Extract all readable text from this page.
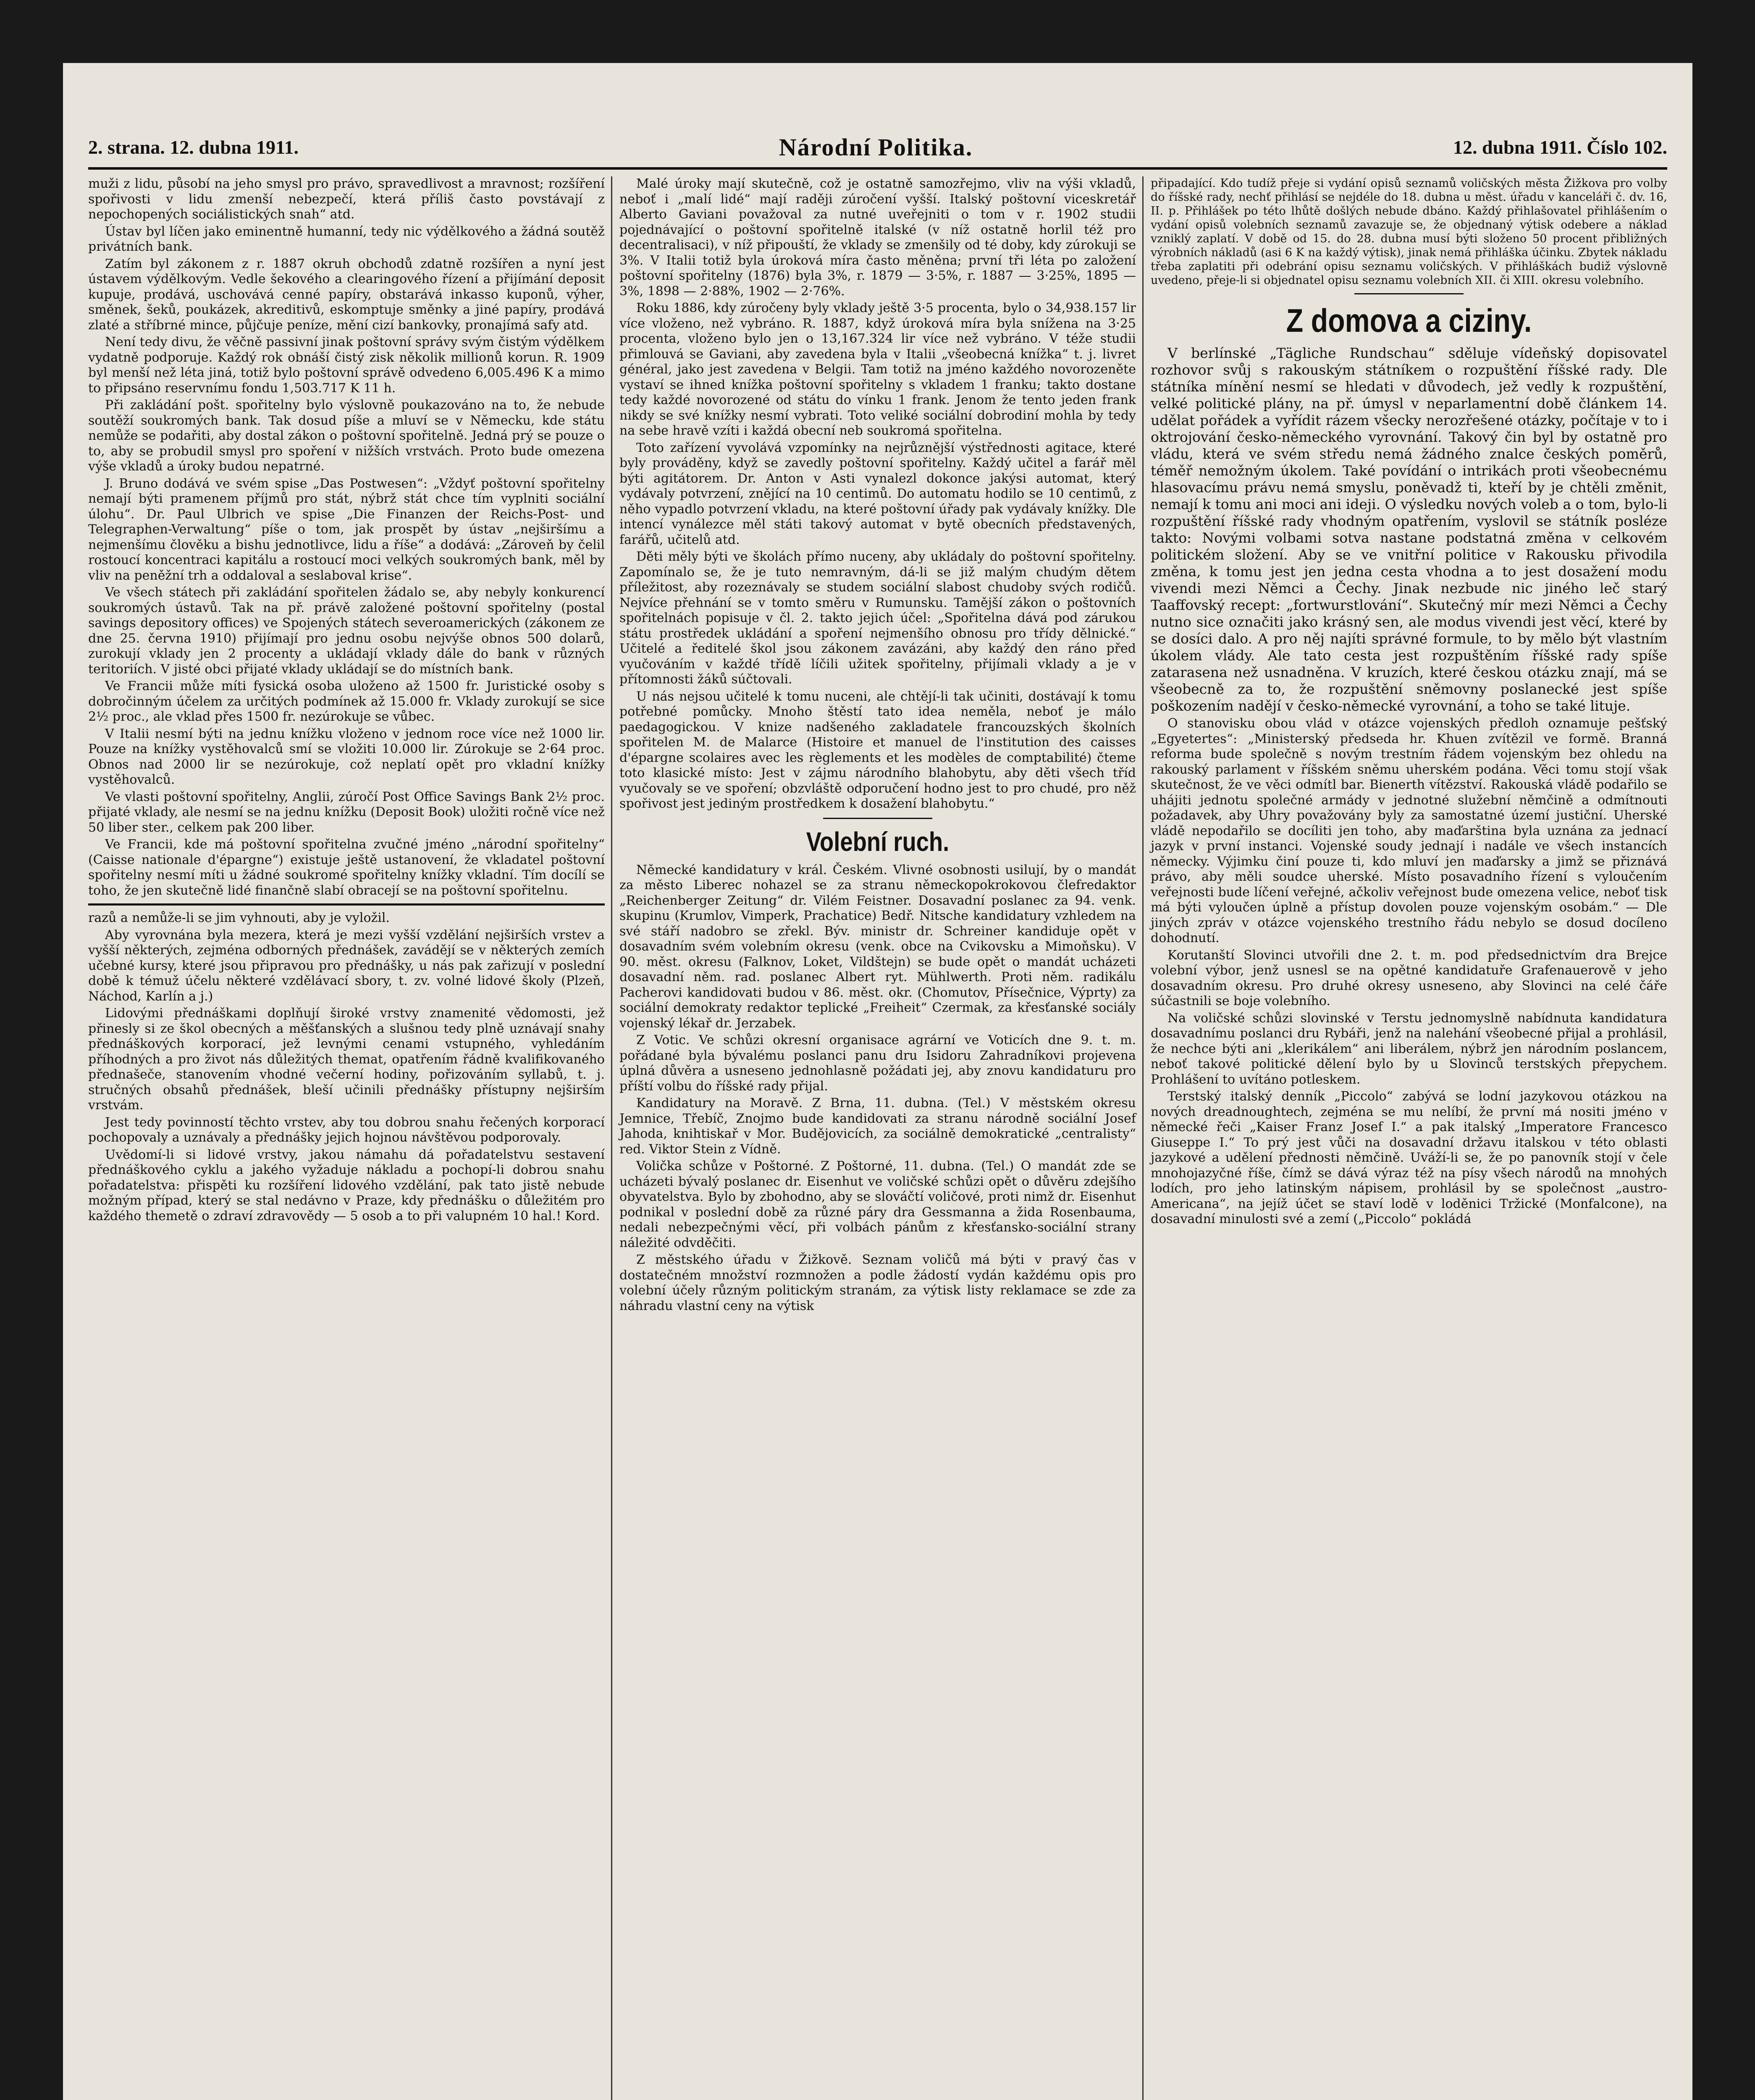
2. strana. 12. dubna 1911.	Národní Politika.	12. dubna 1911. Číslo 102.

muži z lidu, působí na jeho smysl pro právo, spravedlivost a mravnost; rozšíření spořivosti v lidu zmenší nebezpečí, která příliš často povstávají z nepochopených sociálistických snah“ atd.

Ústav byl líčen jako eminentně humanní, tedy nic výdělkového a žádná soutěž privátních bank.

Zatím byl zákonem z r. 1887 okruh obchodů zdatně rozšířen a nyní jest ústavem výdělkovým. Vedle šekového a clearingového řízení a přijímání deposit kupuje, prodává, uschovává cenné papíry, obstarává inkasso kuponů, výher, směnek, šeků, poukázek, akreditivů, eskomptuje směnky a jiné papíry, prodává zlaté a stříbrné mince, půjčuje peníze, mění cizí bankovky, pronajímá safy atd.

Není tedy divu, že věčně passivní jinak poštovní správy svým čistým výdělkem vydatně podporuje. Každý rok obnáší čistý zisk několik millionů korun. R. 1909 byl menší než léta jiná, totiž bylo poštovní správě odvedeno 6,005.496 K a mimo to připsáno reservnímu fondu 1,503.717 K 11 h.

Při zakládání pošt. spořitelny bylo výslovně poukazováno na to, že nebude soutěží soukromých bank. Tak dosud píše a mluví se v Německu, kde státu nemůže se podařiti, aby dostal zákon o poštovní spořitelně. Jedná prý se pouze o to, aby se probudil smysl pro spoření v nižších vrstvách. Proto bude omezena výše vkladů a úroky budou nepatrné.

J. Bruno dodává ve svém spise „Das Postwesen“: „Vždyť poštovní spořitelny nemají býti pramenem příjmů pro stát, nýbrž stát chce tím vyplniti sociální úlohu“. Dr. Paul Ulbrich ve spise „Die Finanzen der Reichs-Post- und Telegraphen-Verwaltung“ píše o tom, jak prospět by ústav „nejširšímu a nejmenšímu člověku a bishu jednotlivce, lidu a říše“ a dodává: „Zároveň by čelil rostoucí koncentraci kapitálu a rostoucí moci velkých soukromých bank, měl by vliv na peněžní trh a oddaloval a seslaboval krise“.

Ve všech státech při zakládání spořitelen žádalo se, aby nebyly konkurencí soukromých ústavů. Tak na př. právě založené poštovní spořitelny (postal savings depository offices) ve Spojených státech severoamerických (zákonem ze dne 25. června 1910) přijímají pro jednu osobu nejvýše obnos 500 dolarů, zurokují vklady jen 2 procenty a ukládají vklady dále do bank v různých teritoriích. V jisté obci přijaté vklady ukládají se do místních bank.

Ve Francii může míti fysická osoba uloženo až 1500 fr. Juristické osoby s dobročinným účelem za určitých podmínek až 15.000 fr. Vklady zurokují se sice 2½ proc., ale vklad přes 1500 fr. nezúrokuje se vůbec.

V Italii nesmí býti na jednu knížku vloženo v jednom roce více než 1000 lir. Pouze na knížky vystěhovalců smí se vložiti 10.000 lir. Zúrokuje se 2·64 proc. Obnos nad 2000 lir se nezúrokuje, což neplatí opět pro vkladní knížky vystěhovalců.

Ve vlasti poštovní spořitelny, Anglii, zúročí Post Office Savings Bank 2½ proc. přijaté vklady, ale nesmí se na jednu knížku (Deposit Book) uložiti ročně více než 50 liber ster., celkem pak 200 liber.

Ve Francii, kde má poštovní spořitelna zvučné jméno „národní spořitelny“ (Caisse nationale d'épargne“) existuje ještě ustanovení, že vkladatel poštovní spořitelny nesmí míti u žádné soukromé spořitelny knížky vkladní. Tím docílí se toho, že jen skutečně lidé finančně slabí obracejí se na poštovní spořitelnu.

razů a nemůže-li se jim vyhnouti, aby je vyložil.

Aby vyrovnána byla mezera, která je mezi vyšší vzdělání nejširších vrstev a vyšší některých, zejména odborných přednášek, zavádějí se v některých zemích učebné kursy, které jsou připravou pro přednášky, u nás pak zařizují v poslední době k témuž účelu některé vzdělávací sbory, t. zv. volné lidové školy (Plzeň, Náchod, Karlín a j.)

Lidovými přednáškami doplňují široké vrstvy znamenité vědomosti, jež přinesly si ze škol obecných a měšťanských a slušnou tedy plně uznávají snahy přednáškových korporací, jež levnými cenami vstupného, vyhledáním příhodných a pro život nás důležitých themat, opatřením řádně kvalifikovaného přednašeče, stanovením vhodné večerní hodiny, pořizováním syllabů, t. j. stručných obsahů přednášek, bleší učinili přednášky přístupny nejširším vrstvám.

Jest tedy povinností těchto vrstev, aby tou dobrou snahu řečených korporací pochopovaly a uznávaly a přednášky jejich hojnou návštěvou podporovaly.

Uvědomí-li si lidové vrstvy, jakou námahu dá pořadatelstvu sestavení přednáškového cyklu a jakého vyžaduje nákladu a pochopí-li dobrou snahu pořadatelstva: přispěti ku rozšíření lidového vzdělání, pak tato jistě nebude možným případ, který se stal nedávno v Praze, kdy přednášku o důležitém pro každého themetě o zdraví zdravovědy — 5 osob a to při valupném 10 hal.! Kord.

Malé úroky mají skutečně, což je ostatně samozřejmo, vliv na výši vkladů, neboť i „malí lidé“ mají raději zúročení vyšší. Italský poštovní viceskretář Alberto Gaviani považoval za nutné uveřejniti o tom v r. 1902 studii pojednávající o poštovní spořitelně italské (v níž ostatně horlil též pro decentralisaci), v níž připouští, že vklady se zmenšily od té doby, kdy zúrokuji se 3%. V Italii totiž byla úroková míra často měněna; první tři léta po založení poštovní spořitelny (1876) byla 3%, r. 1879 — 3·5%, r. 1887 — 3·25%, 1895 — 3%, 1898 — 2·88%, 1902 — 2·76%.

Roku 1886, kdy zúročeny byly vklady ještě 3·5 procenta, bylo o 34,938.157 lir více vloženo, než vybráno. R. 1887, když úroková míra byla snížena na 3·25 procenta, vloženo bylo jen o 13,167.324 lir více než vybráno. V téže studii přimlouvá se Gaviani, aby zavedena byla v Italii „všeobecná knížka“ t. j. livret général, jako jest zavedena v Belgii. Tam totiž na jméno každého novorozeněte vystaví se ihned knížka poštovní spořitelny s vkladem 1 franku; takto dostane tedy každé novorozené od státu do vínku 1 frank. Jenom že tento jeden frank nikdy se své knížky nesmí vybrati. Toto veliké sociální dobrodiní mohla by tedy na sebe hravě vzíti i každá obecní neb soukromá spořitelna.

Toto zařízení vyvolává vzpomínky na nejrůznější výstřednosti agitace, které byly prováděny, když se zavedly poštovní spořitelny. Každý učitel a farář měl býti agitátorem. Dr. Anton v Asti vynalezl dokonce jakýsi automat, který vydávaly potvrzení, znějící na 10 centimů. Do automatu hodilo se 10 centimů, z něho vypadlo potvrzení vkladu, na které poštovní úřady pak vydávaly knížky. Dle intencí vynálezce měl státi takový automat v bytě obecních představených, farářů, učitelů atd.

Děti měly býti ve školách přímo nuceny, aby ukládaly do poštovní spořitelny. Zapomínalo se, že je tuto nemravným, dá-li se již malým chudým dětem příležitost, aby rozeznávaly se studem sociální slabost chudoby svých rodičů. Nejvíce přehnání se v tomto směru v Rumunsku. Tamější zákon o poštovních spořitelnách popisuje v čl. 2. takto jejich účel: „Spořitelna dává pod zárukou státu prostředek ukládání a spoření nejmenšího obnosu pro třídy dělnické.“ Učitelé a ředitelé škol jsou zákonem zavázáni, aby každý den ráno před vyučováním v každé třídě líčili užitek spořitelny, přijímali vklady a je v přítomnosti žáků súčtovali.

U nás nejsou učitelé k tomu nuceni, ale chtějí-li tak učiniti, dostávají k tomu potřebné pomůcky. Mnoho štěstí tato idea neměla, neboť je málo paedagogickou. V knize nadšeného zakladatele francouzských školních spořitelen M. de Malarce (Histoire et manuel de l'institution des caisses d'épargne scolaires avec les règlements et les modèles de comptabilité) čteme toto klasické místo: Jest v zájmu národního blahobytu, aby děti všech tříd vyučovaly se ve spoření; obzvláště odporučení hodno jest to pro chudé, pro něž spořivost jest jediným prostředkem k dosažení blahobytu.“

Volební ruch.

Německé kandidatury v král. Českém. Vlivné osobnosti usilují, by o mandát za město Liberec nohazel se za stranu německopokrokovou člefredaktor „Reichenberger Zeitung“ dr. Vilém Feistner. Dosavadní poslanec za 94. venk. skupinu (Krumlov, Vimperk, Prachatice) Bedř. Nitsche kandidatury vzhledem na své stáří nadobro se zřekl. Býv. ministr dr. Schreiner kandiduje opět v dosavadním svém volebním okresu (venk. obce na Cvikovsku a Mimoňsku). V 90. měst. okresu (Falknov, Loket, Vildštejn) se bude opět o mandát ucházeti dosavadní něm. rad. poslanec Albert ryt. Mühlwerth. Proti něm. radikálu Pacherovi kandidovati budou v 86. měst. okr. (Chomutov, Přísečnice, Výprty) za sociální demokraty redaktor teplické „Freiheit“ Czermak, za křesťanské sociály vojenský lékař dr. Jerzabek.

Z Votic. Ve schůzi okresní organisace agrární ve Voticích dne 9. t. m. pořádané byla bývalému poslanci panu dru Isidoru Zahradníkovi projevena úplná důvěra a usneseno jednohlasně požádati jej, aby znovu kandidaturu pro příští volbu do říšské rady přijal.

Kandidatury na Moravě. Z Brna, 11. dubna. (Tel.) V městském okresu Jemnice, Třebíč, Znojmo bude kandidovati za stranu národně sociální Josef Jahoda, knihtiskař v Mor. Budějovicích, za sociálně demokratické „centralisty“ red. Viktor Stein z Vídně.

Volička schůze v Poštorné. Z Poštorné, 11. dubna. (Tel.) O mandát zde se ucházeti bývalý poslanec dr. Eisenhut ve voličské schůzi opět o důvěru zdejšího obyvatelstva. Bylo by zbohodno, aby se slováčtí voličové, proti nimž dr. Eisenhut podnikal v poslední době za různé páry dra Gessmanna a žida Rosenbauma, nedali nebezpečnými věcí, při volbách pánům z křesťansko-sociální strany náležité odvděčiti.

Z městského úřadu v Žižkově. Seznam voličů má býti v pravý čas v dostatečném množství rozmnožen a podle žádostí vydán každému opis pro volební účely různým politickým stranám, za výtisk listy reklamace se zde za náhradu vlastní ceny na výtisk

připadající. Kdo tudíž přeje si vydání opisů seznamů voličských města Žižkova pro volby do říšské rady, nechť přihlásí se nejdéle do 18. dubna u měst. úřadu v kanceláři č. dv. 16, II. p. Přihlášek po této lhůtě došlých nebude dbáno. Každý přihlašovatel přihlášením o vydání opisů volebních seznamů zavazuje se, že objednaný výtisk odebere a náklad vzniklý zaplatí. V době od 15. do 28. dubna musí býti složeno 50 procent přibližných výrobních nákladů (asi 6 K na každý výtisk), jinak nemá přihláška účinku. Zbytek nákladu třeba zaplatiti při odebrání opisu seznamu voličských. V přihláškách budiž výslovně uvedeno, přeje-li si objednatel opisu seznamu volebních XII. či XIII. okresu volebního.

Z domova a ciziny.

V berlínské „Tägliche Rundschau“ sděluje vídeňský dopisovatel rozhovor svůj s rakouským státníkem o rozpuštění říšské rady. Dle státníka mínění nesmí se hledati v důvodech, jež vedly k rozpuštění, velké politické plány, na př. úmysl v neparlamentní době článkem 14. udělat pořádek a vyřídit rázem všecky nerozřešené otázky, počítaje v to i oktrojování česko-německého vyrovnání. Takový čin byl by ostatně pro vládu, která ve svém středu nemá žádného znalce českých poměrů, téměř nemožným úkolem. Také povídání o intrikách proti všeobecnému hlasovacímu právu nemá smyslu, poněvadž ti, kteří by je chtěli změnit, nemají k tomu ani moci ani ideji. O výsledku nových voleb a o tom, bylo-li rozpuštění říšské rady vhodným opatřením, vyslovil se státník posléze takto: Novými volbami sotva nastane podstatná změna v celkovém politickém složení. Aby se ve vnitřní politice v Rakousku přivodila změna, k tomu jest jen jedna cesta vhodna a to jest dosažení modu vivendi mezi Němci a Čechy. Jinak nezbude nic jiného leč starý Taaffovský recept: „fortwurstlování“. Skutečný mír mezi Němci a Čechy nutno sice označiti jako krásný sen, ale modus vivendi jest věcí, které by se dosíci dalo. A pro něj najíti správné formule, to by mělo být vlastním úkolem vlády. Ale tato cesta jest rozpuštěním říšské rady spíše zatarasena než usnadněna. V kruzích, které českou otázku znají, má se všeobecně za to, že rozpuštění sněmovny poslanecké jest spíše poškozením nadějí v česko-německé vyrovnání, a toho se také lituje.

O stanovisku obou vlád v otázce vojenských předloh oznamuje pešťský „Egyetertes“: „Ministerský předseda hr. Khuen zvítězil ve formě. Branná reforma bude společně s novým trestním řádem vojenským bez ohledu na rakouský parlament v říšském sněmu uherském podána. Věci tomu stojí však skutečnost, že ve věci odmítl bar. Bienerth vítězství. Rakouská vládě podařilo se uhájiti jednotu společné armády v jednotné služební němčině a odmítnouti požadavek, aby Uhry považovány byly za samostatné území justiční. Uherské vládě nepodařilo se docíliti jen toho, aby maďarština byla uznána za jednací jazyk v první instanci. Vojenské soudy jednají i nadále ve všech instancích německy. Výjimku činí pouze ti, kdo mluví jen maďarsky a jimž se přiznává právo, aby měli soudce uherské. Místo posavadního řízení s vyloučením veřejnosti bude líčení veřejné, ačkoliv veřejnost bude omezena velice, neboť tisk má býti vyloučen úplně a přístup dovolen pouze vojenským osobám.“ — Dle jiných zpráv v otázce vojenského trestního řádu nebylo se dosud docíleno dohodnutí.

Korutanští Slovinci utvořili dne 2. t. m. pod předsednictvím dra Brejce volební výbor, jenž usnesl se na opětné kandidatuře Grafenauerově v jeho dosavadním okresu. Pro druhé okresy usneseno, aby Slovinci na celé čáře súčastnili se boje volebního.

Na voličské schůzi slovinské v Terstu jednomyslně nabídnuta kandidatura dosavadnímu poslanci dru Rybáři, jenž na nalehání všeobecné přijal a prohlásil, že nechce býti ani „klerikálem“ ani liberálem, nýbrž jen národním poslancem, neboť takové politické dělení bylo by u Slovinců terstských přepychem. Prohlášení to uvítáno potleskem.

Terstský italský denník „Piccolo“ zabývá se lodní jazykovou otázkou na nových dreadnoughtech, zejména se mu nelíbí, že první má nositi jméno v německé řeči „Kaiser Franz Josef I.“ a pak italský „Imperatore Francesco Giuseppe I.“ To prý jest vůči na dosavadní državu italskou v této oblasti jazykové a udělení přednosti němčině. Uváží-li se, že po panovník stojí v čele mnohojazyčné říše, čímž se dává výraz též na písy všech národů na mnohých lodích, pro jeho latinským nápisem, prohlásil by se společnost „austro-Americana“, na jejíž účet se staví lodě v loděnici Tržické (Monfalcone), na dosavadní minulosti své a zemí („Piccolo“ pokládá
